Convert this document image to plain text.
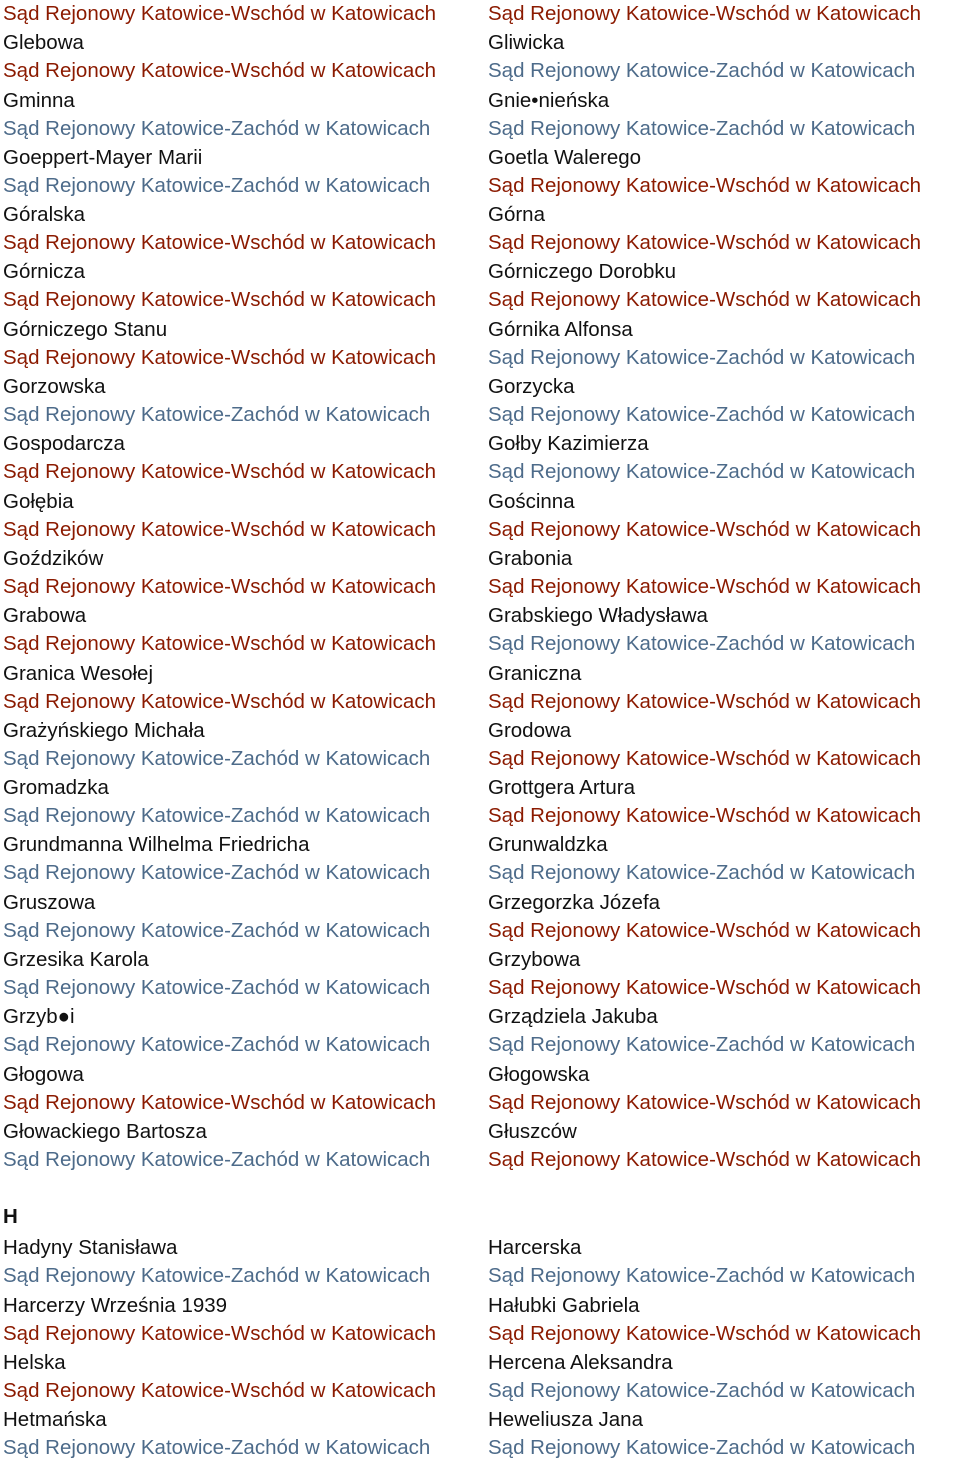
Sąd Rejonowy Katowice-Wschód w Katowicach
Glebowa
Sąd Rejonowy Katowice-Wschód w Katowicach
Gminna
Sąd Rejonowy Katowice-Zachód w Katowicach
Goeppert-Mayer Marii
Sąd Rejonowy Katowice-Zachód w Katowicach
Góralska
Sąd Rejonowy Katowice-Wschód w Katowicach
Górnicza
Sąd Rejonowy Katowice-Wschód w Katowicach
Górniczego Stanu
Sąd Rejonowy Katowice-Wschód w Katowicach
Gorzowska
Sąd Rejonowy Katowice-Zachód w Katowicach
Gospodarcza
Sąd Rejonowy Katowice-Wschód w Katowicach
Gołębia
Sąd Rejonowy Katowice-Wschód w Katowicach
Goździków
Sąd Rejonowy Katowice-Wschód w Katowicach
Grabowa
Sąd Rejonowy Katowice-Wschód w Katowicach
Granica Wesołej
Sąd Rejonowy Katowice-Wschód w Katowicach
Grażyńskiego Michała
Sąd Rejonowy Katowice-Zachód w Katowicach
Gromadzka
Sąd Rejonowy Katowice-Zachód w Katowicach
Grundmanna Wilhelma Friedricha
Sąd Rejonowy Katowice-Zachód w Katowicach
Gruszowa
Sąd Rejonowy Katowice-Zachód w Katowicach
Grzesika Karola
Sąd Rejonowy Katowice-Zachód w Katowicach
Grzyb●i
Sąd Rejonowy Katowice-Zachód w Katowicach
Głogowa
Sąd Rejonowy Katowice-Wschód w Katowicach
Głowackiego Bartosza
Sąd Rejonowy Katowice-Zachód w Katowicach
H
Hadyny Stanisława
Sąd Rejonowy Katowice-Zachód w Katowicach
Harcerzy Września 1939
Sąd Rejonowy Katowice-Wschód w Katowicach
Helska
Sąd Rejonowy Katowice-Wschód w Katowicach
Hetmańska
Sąd Rejonowy Katowice-Zachód w Katowicach
Sąd Rejonowy Katowice-Wschód w Katowicach
Gliwicka
Sąd Rejonowy Katowice-Zachód w Katowicach
Gnie•nieńska
Sąd Rejonowy Katowice-Zachód w Katowicach
Goetla Walerego
Sąd Rejonowy Katowice-Wschód w Katowicach
Górna
Sąd Rejonowy Katowice-Wschód w Katowicach
Górniczego Dorobku
Sąd Rejonowy Katowice-Wschód w Katowicach
Górnika Alfonsa
Sąd Rejonowy Katowice-Zachód w Katowicach
Gorzycka
Sąd Rejonowy Katowice-Zachód w Katowicach
Gołby Kazimierza
Sąd Rejonowy Katowice-Zachód w Katowicach
Gościnna
Sąd Rejonowy Katowice-Wschód w Katowicach
Grabonia
Sąd Rejonowy Katowice-Wschód w Katowicach
Grabskiego Władysława
Sąd Rejonowy Katowice-Zachód w Katowicach
Graniczna
Sąd Rejonowy Katowice-Wschód w Katowicach
Grodowa
Sąd Rejonowy Katowice-Wschód w Katowicach
Grottgera Artura
Sąd Rejonowy Katowice-Wschód w Katowicach
Grunwaldzka
Sąd Rejonowy Katowice-Zachód w Katowicach
Grzegorzka Józefa
Sąd Rejonowy Katowice-Wschód w Katowicach
Grzybowa
Sąd Rejonowy Katowice-Wschód w Katowicach
Grządziela Jakuba
Sąd Rejonowy Katowice-Zachód w Katowicach
Głogowska
Sąd Rejonowy Katowice-Wschód w Katowicach
Głuszców
Sąd Rejonowy Katowice-Wschód w Katowicach
Harcerska
Sąd Rejonowy Katowice-Zachód w Katowicach
Hałubki Gabriela
Sąd Rejonowy Katowice-Wschód w Katowicach
Hercena Aleksandra
Sąd Rejonowy Katowice-Zachód w Katowicach
Heweliusza Jana
Sąd Rejonowy Katowice-Zachód w Katowicach
